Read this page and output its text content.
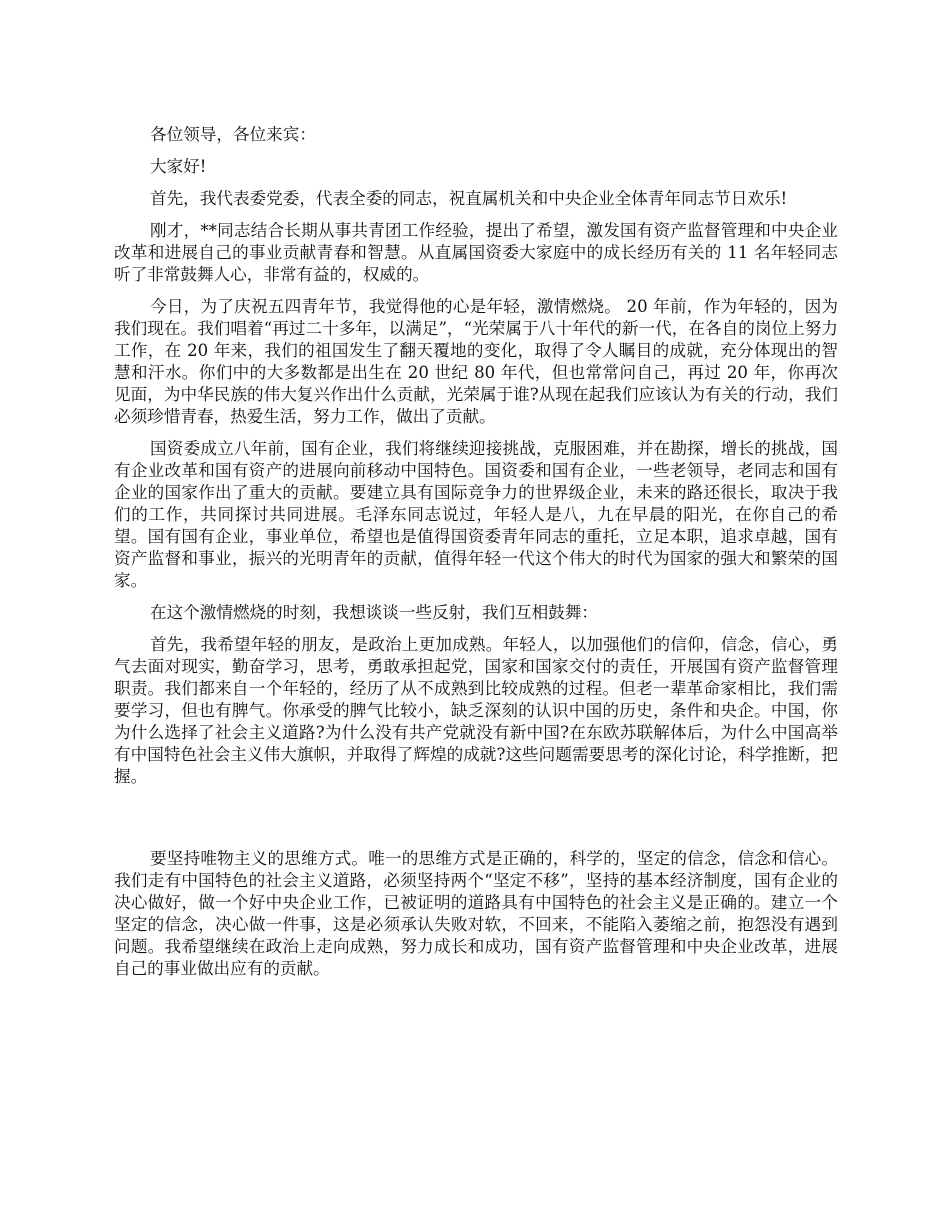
各位领导，各位来宾：

大家好!

首先，我代表委党委，代表全委的同志，祝直属机关和中央企业全体青年同志节日欢乐!

刚才，**同志结合长期从事共青团工作经验，提出了希望，激发国有资产监督管理和中央企业改革和进展自己的事业贡献青春和智慧。从直属国资委大家庭中的成长经历有关的 11 名年轻同志听了非常鼓舞人心，非常有益的，权威的。

今日，为了庆祝五四青年节，我觉得他的心是年轻，激情燃烧。 20 年前，作为年轻的，因为我们现在。我们唱着“再过二十多年，以满足”，“光荣属于八十年代的新一代，在各自的岗位上努力工作，在 20 年来，我们的祖国发生了翻天覆地的变化，取得了令人瞩目的成就，充分体现出的智慧和汗水。你们中的大多数都是出生在 20 世纪 80 年代，但也常常问自己，再过 20 年，你再次见面，为中华民族的伟大复兴作出什么贡献，光荣属于谁?从现在起我们应该认为有关的行动，我们必须珍惜青春，热爱生活，努力工作，做出了贡献。

国资委成立八年前，国有企业，我们将继续迎接挑战，克服困难，并在勘探，增长的挑战，国有企业改革和国有资产的进展向前移动中国特色。国资委和国有企业，一些老领导，老同志和国有企业的国家作出了重大的贡献。要建立具有国际竞争力的世界级企业，未来的路还很长，取决于我们的工作，共同探讨共同进展。毛泽东同志说过，年轻人是八，九在早晨的阳光，在你自己的希望。国有国有企业，事业单位，希望也是值得国资委青年同志的重托，立足本职，追求卓越，国有资产监督和事业，振兴的光明青年的贡献，值得年轻一代这个伟大的时代为国家的强大和繁荣的国家。

在这个激情燃烧的时刻，我想谈谈一些反射，我们互相鼓舞：

首先，我希望年轻的朋友，是政治上更加成熟。年轻人，以加强他们的信仰，信念，信心，勇气去面对现实，勤奋学习，思考，勇敢承担起党，国家和国家交付的责任，开展国有资产监督管理职责。我们都来自一个年轻的，经历了从不成熟到比较成熟的过程。但老一辈革命家相比，我们需要学习，但也有脾气。你承受的脾气比较小，缺乏深刻的认识中国的历史，条件和央企。中国，你为什么选择了社会主义道路?为什么没有共产党就没有新中国?在东欧苏联解体后，为什么中国高举有中国特色社会主义伟大旗帜，并取得了辉煌的成就?这些问题需要思考的深化讨论，科学推断，把握。

要坚持唯物主义的思维方式。唯一的思维方式是正确的，科学的，坚定的信念，信念和信心。我们走有中国特色的社会主义道路，必须坚持两个“坚定不移”，坚持的基本经济制度，国有企业的决心做好，做一个好中央企业工作，已被证明的道路具有中国特色的社会主义是正确的。建立一个坚定的信念，决心做一件事，这是必须承认失败对软，不回来，不能陷入萎缩之前，抱怨没有遇到问题。我希望继续在政治上走向成熟，努力成长和成功，国有资产监督管理和中央企业改革，进展自己的事业做出应有的贡献。
